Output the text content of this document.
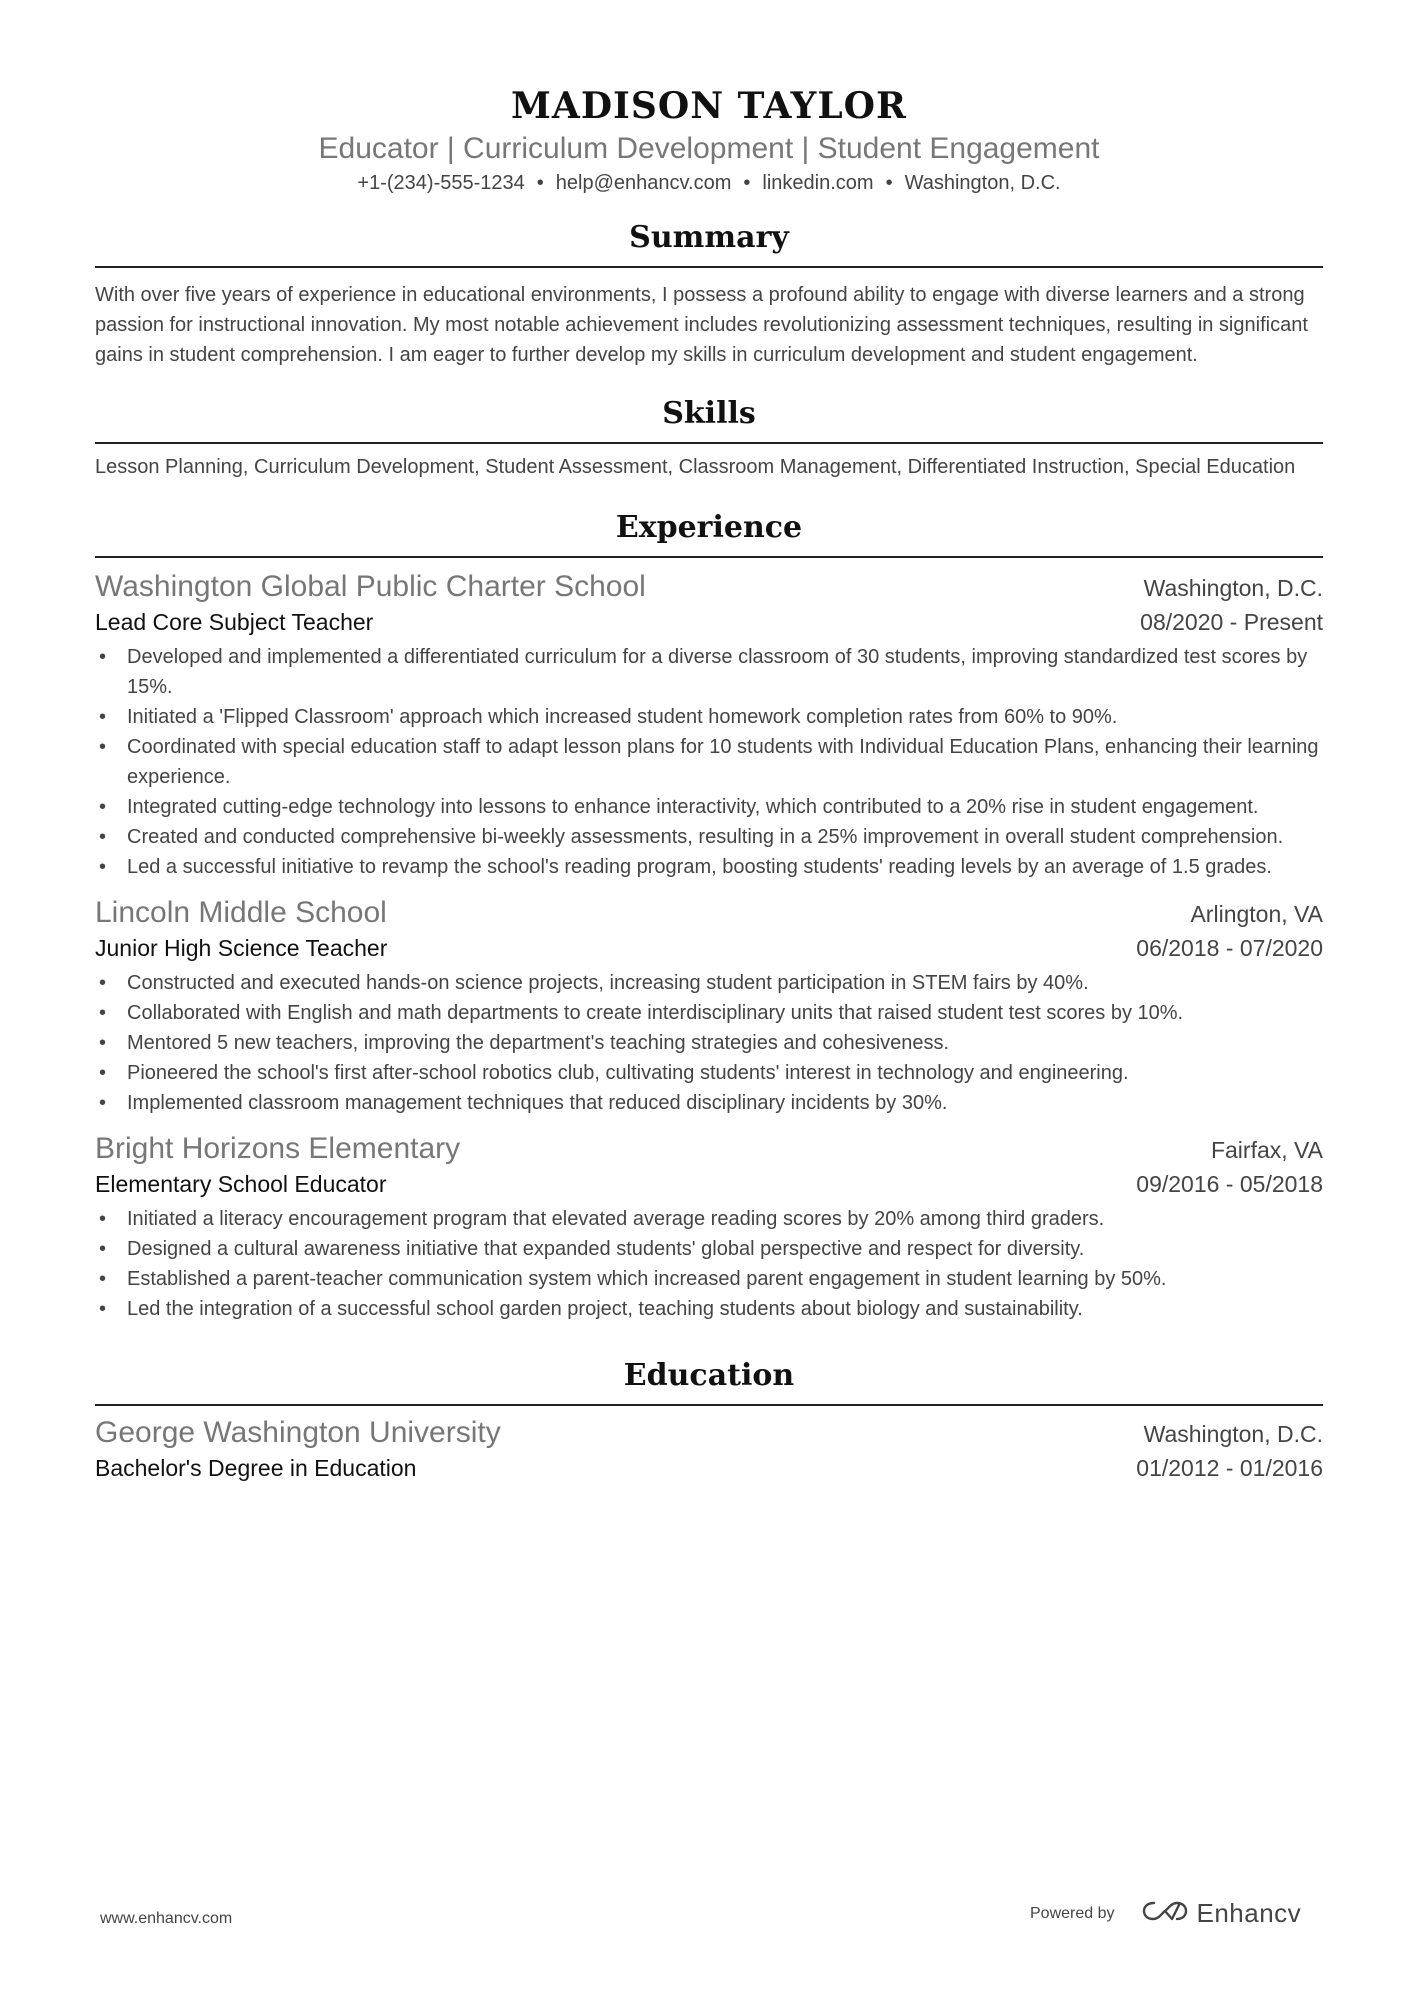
MADISON TAYLOR
Educator | Curriculum Development | Student Engagement
+1-(234)-555-1234 • help@enhancv.com • linkedin.com • Washington, D.C.
Summary
With over five years of experience in educational environments, I possess a profound ability to engage with diverse learners and a strong passion for instructional innovation. My most notable achievement includes revolutionizing assessment techniques, resulting in significant gains in student comprehension. I am eager to further develop my skills in curriculum development and student engagement.
Skills
Lesson Planning, Curriculum Development, Student Assessment, Classroom Management, Differentiated Instruction, Special Education
Experience
Washington Global Public Charter School	Washington, D.C.
Lead Core Subject Teacher	08/2020 - Present
• Developed and implemented a differentiated curriculum for a diverse classroom of 30 students, improving standardized test scores by 15%.
• Initiated a 'Flipped Classroom' approach which increased student homework completion rates from 60% to 90%.
• Coordinated with special education staff to adapt lesson plans for 10 students with Individual Education Plans, enhancing their learning experience.
• Integrated cutting-edge technology into lessons to enhance interactivity, which contributed to a 20% rise in student engagement.
• Created and conducted comprehensive bi-weekly assessments, resulting in a 25% improvement in overall student comprehension.
• Led a successful initiative to revamp the school's reading program, boosting students' reading levels by an average of 1.5 grades.
Lincoln Middle School	Arlington, VA
Junior High Science Teacher	06/2018 - 07/2020
• Constructed and executed hands-on science projects, increasing student participation in STEM fairs by 40%.
• Collaborated with English and math departments to create interdisciplinary units that raised student test scores by 10%.
• Mentored 5 new teachers, improving the department's teaching strategies and cohesiveness.
• Pioneered the school's first after-school robotics club, cultivating students' interest in technology and engineering.
• Implemented classroom management techniques that reduced disciplinary incidents by 30%.
Bright Horizons Elementary	Fairfax, VA
Elementary School Educator	09/2016 - 05/2018
• Initiated a literacy encouragement program that elevated average reading scores by 20% among third graders.
• Designed a cultural awareness initiative that expanded students' global perspective and respect for diversity.
• Established a parent-teacher communication system which increased parent engagement in student learning by 50%.
• Led the integration of a successful school garden project, teaching students about biology and sustainability.
Education
George Washington University	Washington, D.C.
Bachelor's Degree in Education	01/2012 - 01/2016
www.enhancv.com	Powered by	Enhancv
